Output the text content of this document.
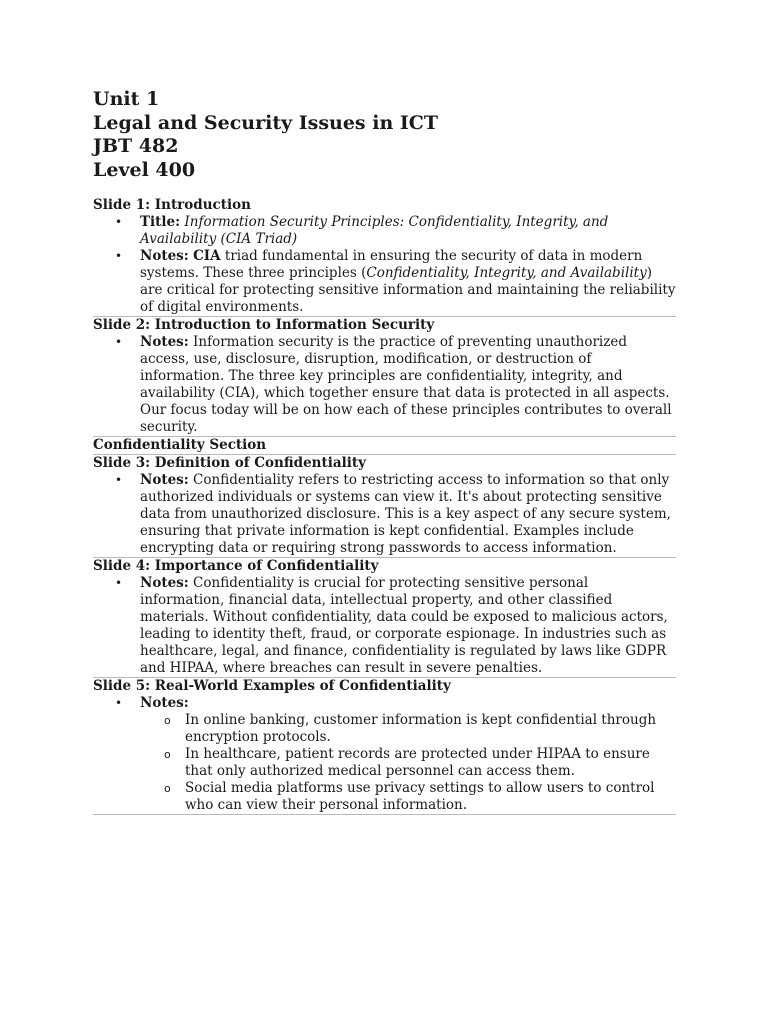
Unit 1
Legal and Security Issues in ICT
JBT 482
Level 400
Slide 1: Introduction
• Title: Information Security Principles: Confidentiality, Integrity, and Availability (CIA Triad)
• Notes: CIA triad fundamental in ensuring the security of data in modern systems. These three principles (Confidentiality, Integrity, and Availability) are critical for protecting sensitive information and maintaining the reliability of digital environments.
Slide 2: Introduction to Information Security
• Notes: Information security is the practice of preventing unauthorized access, use, disclosure, disruption, modification, or destruction of information. The three key principles are confidentiality, integrity, and availability (CIA), which together ensure that data is protected in all aspects. Our focus today will be on how each of these principles contributes to overall security.
Confidentiality Section
Slide 3: Definition of Confidentiality
• Notes: Confidentiality refers to restricting access to information so that only authorized individuals or systems can view it. It's about protecting sensitive data from unauthorized disclosure. This is a key aspect of any secure system, ensuring that private information is kept confidential. Examples include encrypting data or requiring strong passwords to access information.
Slide 4: Importance of Confidentiality
• Notes: Confidentiality is crucial for protecting sensitive personal information, financial data, intellectual property, and other classified materials. Without confidentiality, data could be exposed to malicious actors, leading to identity theft, fraud, or corporate espionage. In industries such as healthcare, legal, and finance, confidentiality is regulated by laws like GDPR and HIPAA, where breaches can result in severe penalties.
Slide 5: Real-World Examples of Confidentiality
• Notes:
o In online banking, customer information is kept confidential through encryption protocols.
o In healthcare, patient records are protected under HIPAA to ensure that only authorized medical personnel can access them.
o Social media platforms use privacy settings to allow users to control who can view their personal information.
